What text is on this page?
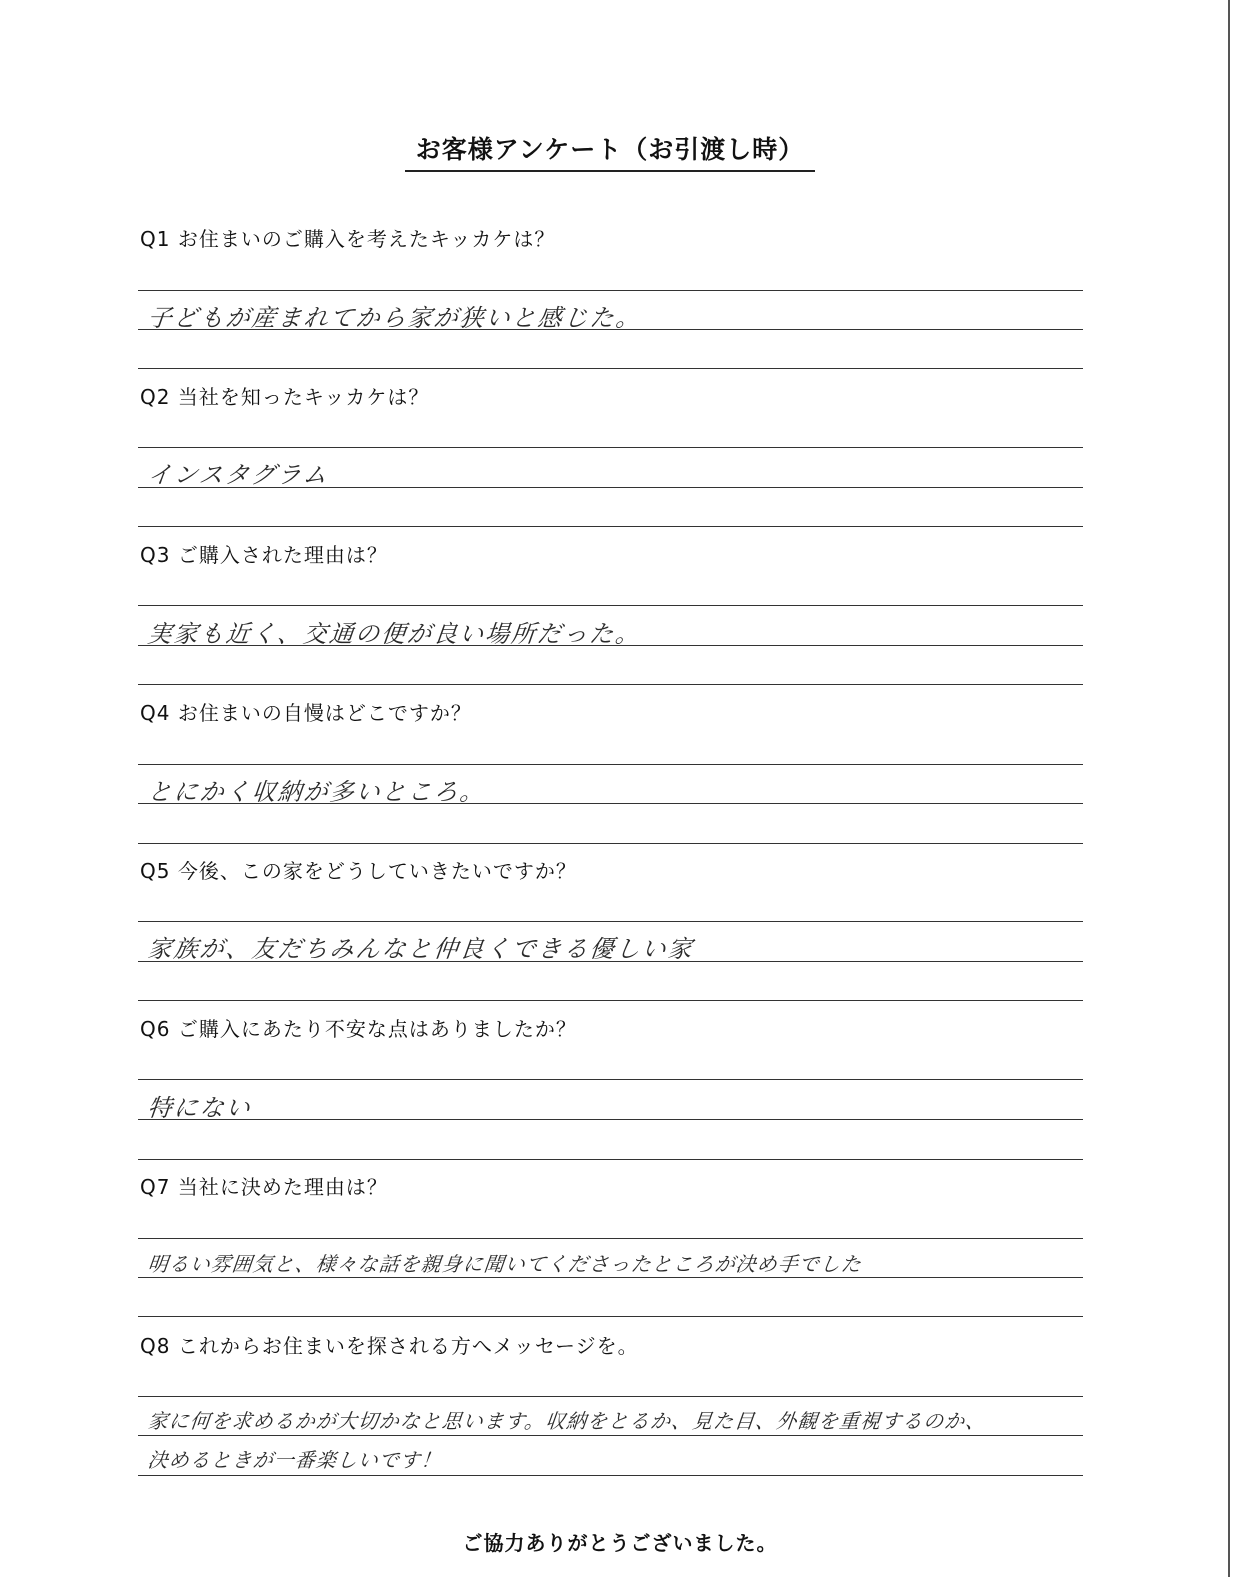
お客様アンケート（お引渡し時）
Q1 お住まいのご購入を考えたキッカケは？
子どもが産まれてから家が狭いと感じた。
Q2 当社を知ったキッカケは？
インスタグラム
Q3 ご購入された理由は？
実家も近く、交通の便が良い場所だった。
Q4 お住まいの自慢はどこですか？
とにかく収納が多いところ。
Q5 今後、この家をどうしていきたいですか？
家族が、友だちみんなと仲良くできる優しい家
Q6 ご購入にあたり不安な点はありましたか？
特にない
Q7 当社に決めた理由は？
明るい雰囲気と、様々な話を親身に聞いてくださったところが決め手でした
Q8 これからお住まいを探される方へメッセージを。
家に何を求めるかが大切かなと思います。収納をとるか、見た目、外観を重視するのか、
決めるときが一番楽しいです！
ご協力ありがとうございました。
